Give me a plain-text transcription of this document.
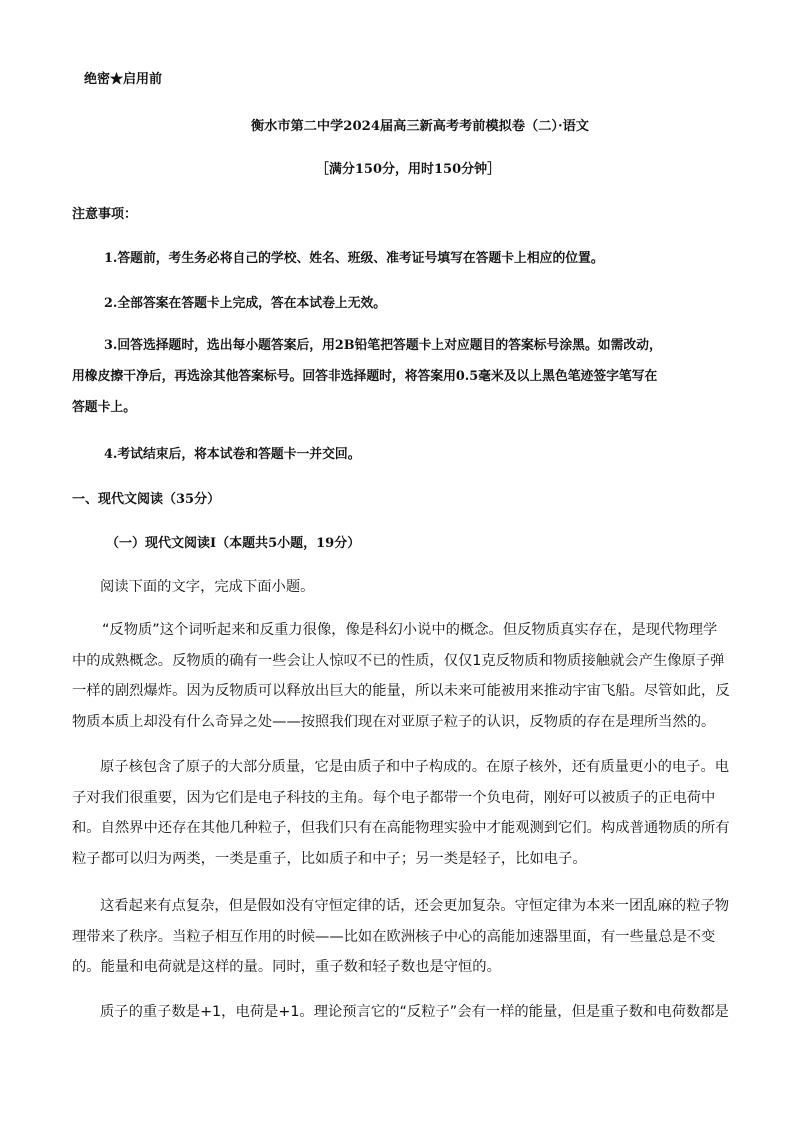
绝密★启用前
衡水市第二中学2024届高三新高考考前模拟卷（二）·语文
［满分150分，用时150分钟］
注意事项：
1.答题前，考生务必将自己的学校、姓名、班级、准考证号填写在答题卡上相应的位置。
2.全部答案在答题卡上完成，答在本试卷上无效。
3.回答选择题时，选出每小题答案后，用2B铅笔把答题卡上对应题目的答案标号涂黑。如需改动，
用橡皮擦干净后，再选涂其他答案标号。回答非选择题时，将答案用0.5毫米及以上黑色笔迹签字笔写在
答题卡上。
4.考试结束后，将本试卷和答题卡一并交回。
一、现代文阅读（35分）
（一）现代文阅读Ⅰ（本题共5小题，19分）
阅读下面的文字，完成下面小题。
“反物质”这个词听起来和反重力很像，像是科幻小说中的概念。但反物质真实存在，是现代物理学
中的成熟概念。反物质的确有一些会让人惊叹不已的性质，仅仅1克反物质和物质接触就会产生像原子弹
一样的剧烈爆炸。因为反物质可以释放出巨大的能量，所以未来可能被用来推动宇宙飞船。尽管如此，反
物质本质上却没有什么奇异之处——按照我们现在对亚原子粒子的认识，反物质的存在是理所当然的。
原子核包含了原子的大部分质量，它是由质子和中子构成的。在原子核外，还有质量更小的电子。电
子对我们很重要，因为它们是电子科技的主角。每个电子都带一个负电荷，刚好可以被质子的正电荷中
和。自然界中还存在其他几种粒子，但我们只有在高能物理实验中才能观测到它们。构成普通物质的所有
粒子都可以归为两类，一类是重子，比如质子和中子；另一类是轻子，比如电子。
这看起来有点复杂，但是假如没有守恒定律的话，还会更加复杂。守恒定律为本来一团乱麻的粒子物
理带来了秩序。当粒子相互作用的时候——比如在欧洲核子中心的高能加速器里面，有一些量总是不变
的。能量和电荷就是这样的量。同时，重子数和轻子数也是守恒的。
质子的重子数是+1，电荷是+1。理论预言它的“反粒子”会有一样的能量，但是重子数和电荷数都是
